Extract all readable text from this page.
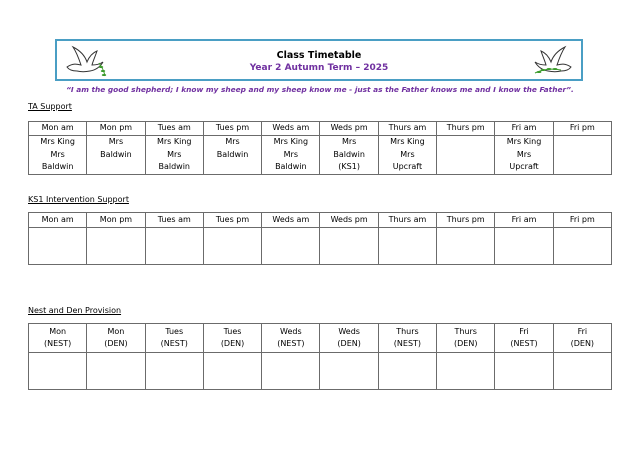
Class Timetable
Year 2 Autumn Term – 2025
“I am the good shepherd; I know my sheep and my sheep know me - just as the Father knows me and I know the Father”.
TA Support
Mon am	Mon pm	Tues am	Tues pm	Weds am	Weds pm	Thurs am	Thurs pm	Fri am	Fri pm

Mrs King
Mrs
Baldwin	Mrs
Baldwin	Mrs King
Mrs
Baldwin	Mrs
Baldwin	Mrs King
Mrs
Baldwin	Mrs
Baldwin
(KS1)	Mrs King
Mrs
Upcraft		Mrs King
Mrs
Upcraft	

KS1 Intervention Support
Mon am	Mon pm	Tues am	Tues pm	Weds am	Weds pm	Thurs am	Thurs pm	Fri am	Fri pm

Nest and Den Provision
Mon
(NEST)	Mon
(DEN)	Tues
(NEST)	Tues
(DEN)	Weds
(NEST)	Weds
(DEN)	Thurs
(NEST)	Thurs
(DEN)	Fri
(NEST)	Fri
(DEN)
